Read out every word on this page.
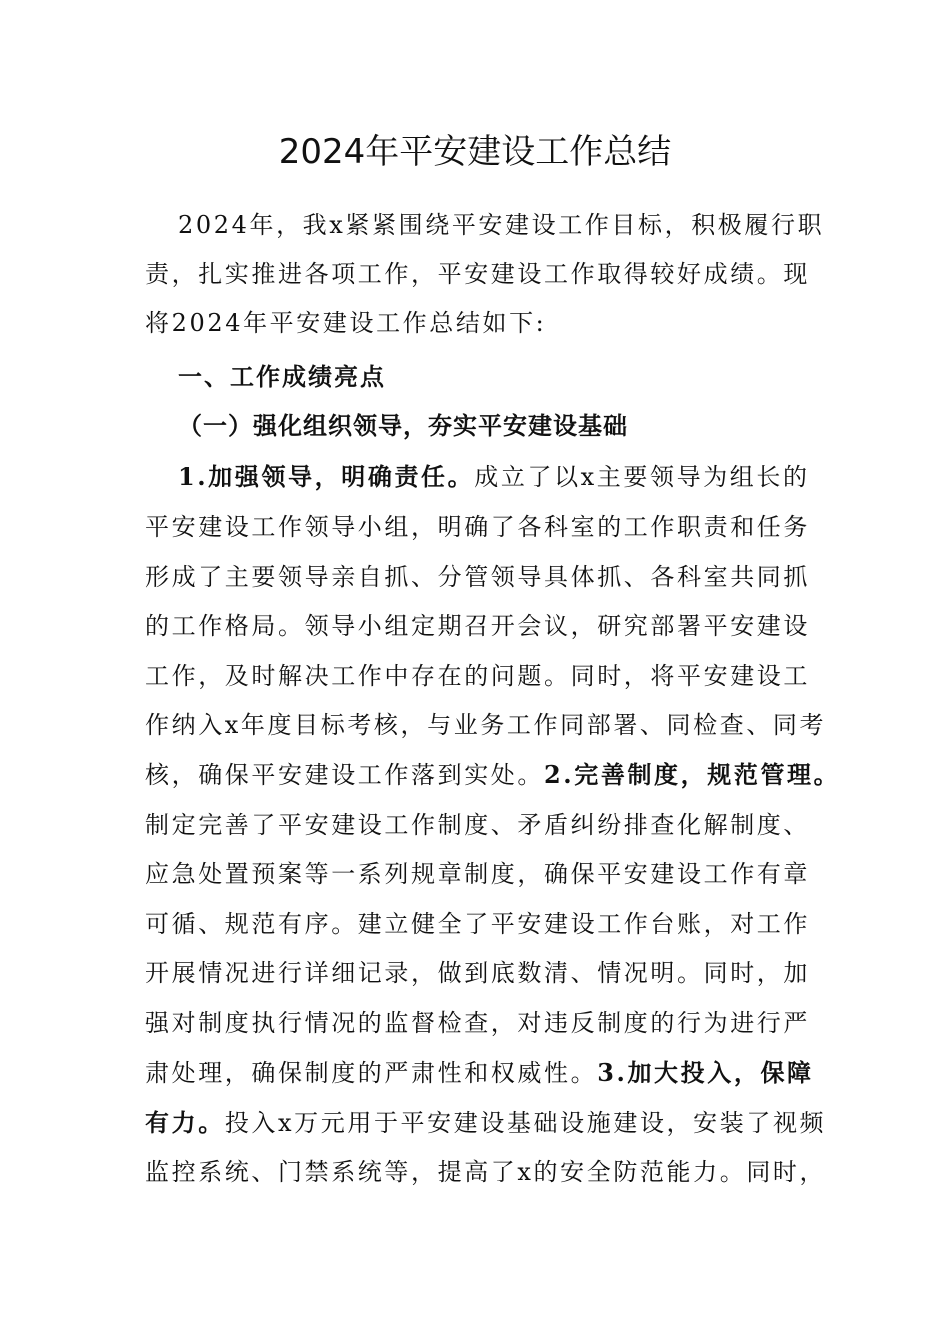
2024年平安建设工作总结
2024年，我x紧紧围绕平安建设工作目标，积极履行职
责，扎实推进各项工作，平安建设工作取得较好成绩。现
将2024年平安建设工作总结如下:
一、工作成绩亮点
（一）强化组织领导，夯实平安建设基础
1.加强领导，明确责任。成立了以x主要领导为组长的
平安建设工作领导小组，明确了各科室的工作职责和任务
形成了主要领导亲自抓、分管领导具体抓、各科室共同抓
的工作格局。领导小组定期召开会议，研究部署平安建设
工作，及时解决工作中存在的问题。同时，将平安建设工
作纳入x年度目标考核，与业务工作同部署、同检查、同考
核，确保平安建设工作落到实处。2.完善制度，规范管理。
制定完善了平安建设工作制度、矛盾纠纷排查化解制度、
应急处置预案等一系列规章制度，确保平安建设工作有章
可循、规范有序。建立健全了平安建设工作台账，对工作
开展情况进行详细记录，做到底数清、情况明。同时，加
强对制度执行情况的监督检查，对违反制度的行为进行严
肃处理，确保制度的严肃性和权威性。3.加大投入，保障
有力。投入x万元用于平安建设基础设施建设，安装了视频
监控系统、门禁系统等，提高了x的安全防范能力。同时，
